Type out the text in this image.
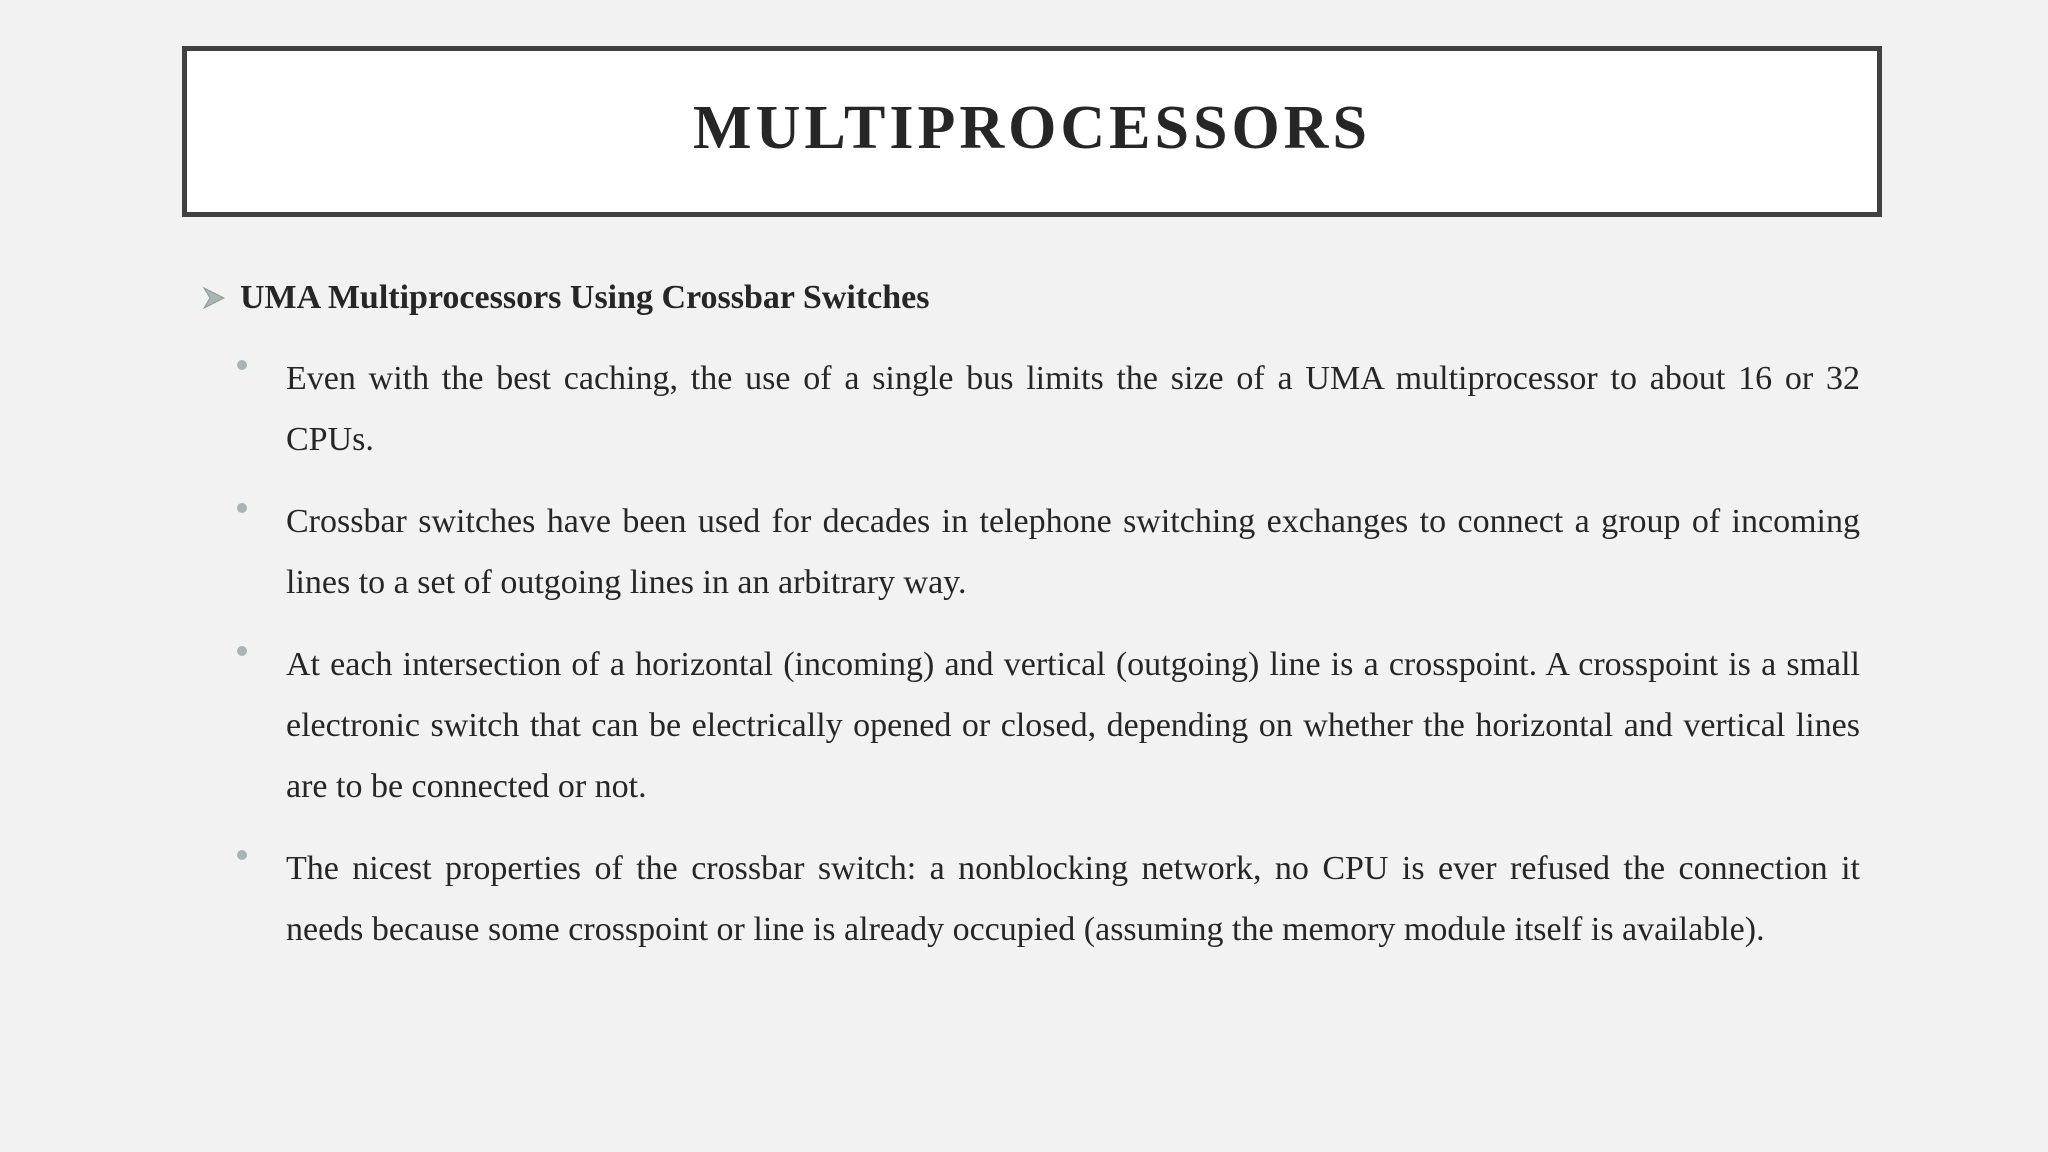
MULTIPROCESSORS
UMA Multiprocessors Using Crossbar Switches
Even with the best caching, the use of a single bus limits the size of a UMA multiprocessor to about 16 or 32 CPUs.
Crossbar switches have been used for decades in telephone switching exchanges to connect a group of incoming lines to a set of outgoing lines in an arbitrary way.
At each intersection of a horizontal (incoming) and vertical (outgoing) line is a crosspoint. A crosspoint is a small electronic switch that can be electrically opened or closed, depending on whether the horizontal and vertical lines are to be connected or not.
The nicest properties of the crossbar switch: a nonblocking network, no CPU is ever refused the connection it needs because some crosspoint or line is already occupied (assuming the memory module itself is available).
